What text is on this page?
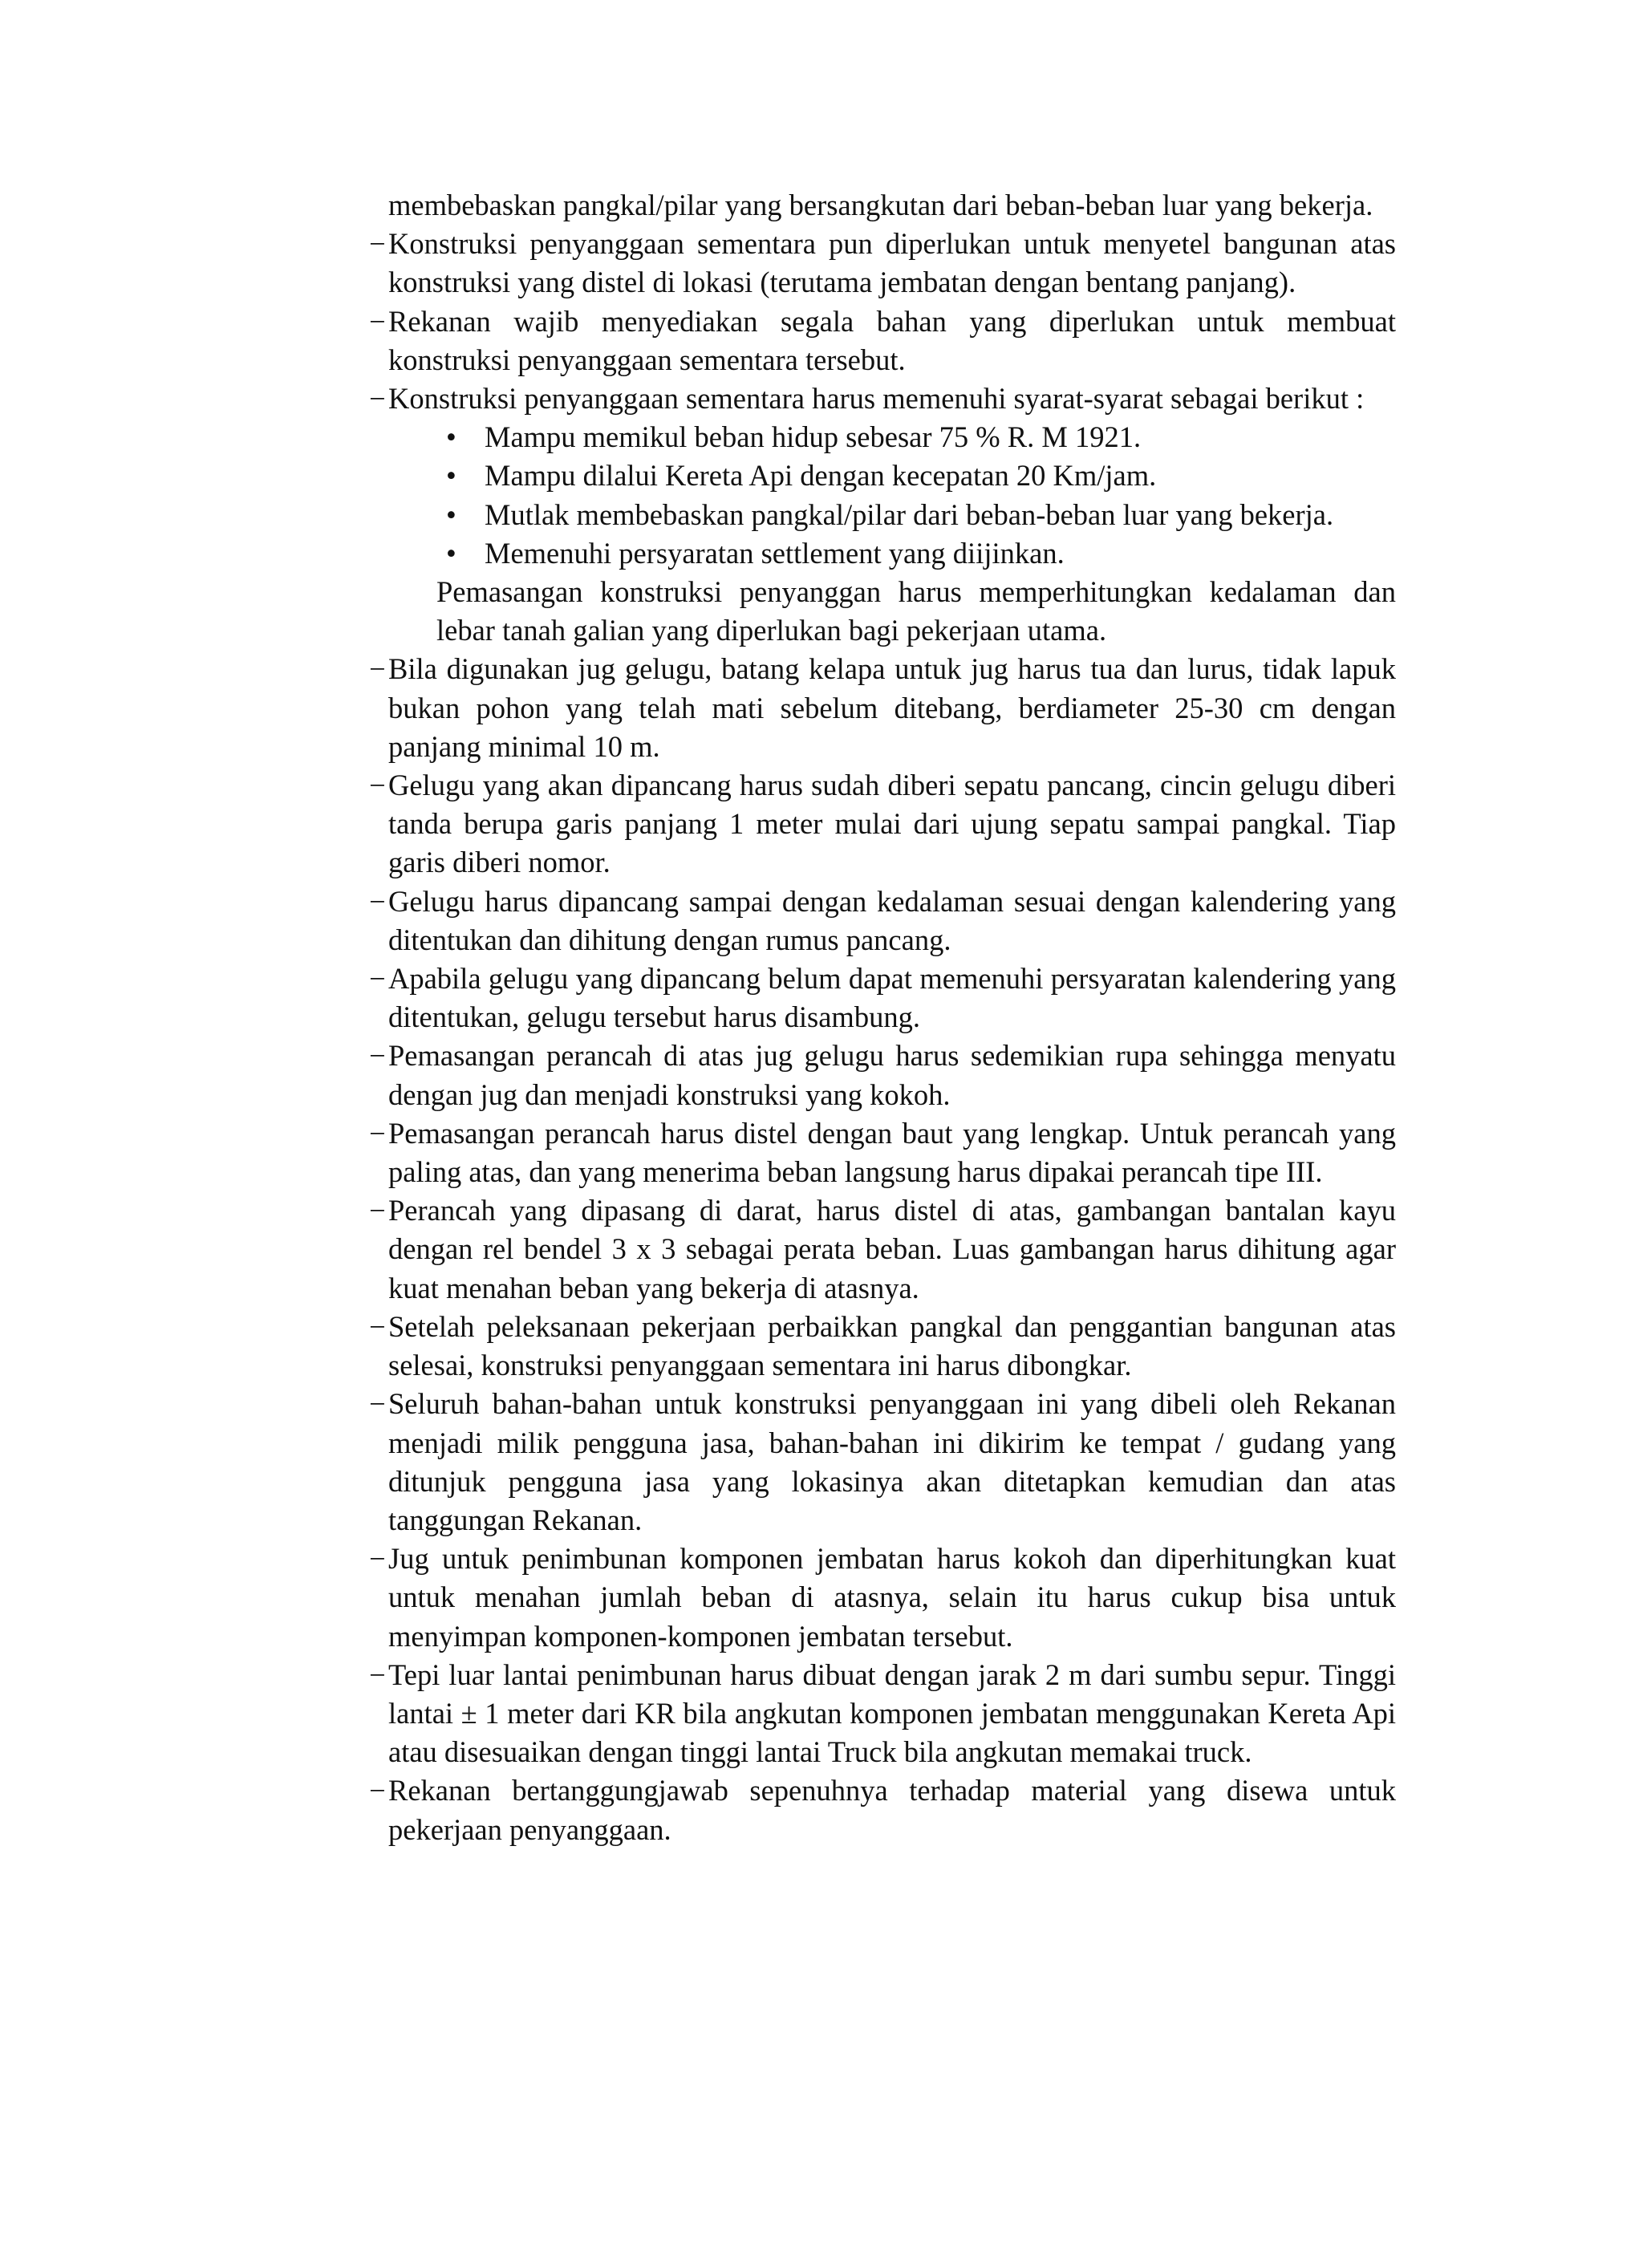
membebaskan pangkal/pilar yang bersangkutan dari beban-beban luar yang bekerja.

− Konstruksi penyanggaan sementara pun diperlukan untuk menyetel bangunan atas konstruksi yang distel di lokasi (terutama jembatan dengan bentang panjang).

− Rekanan wajib menyediakan segala bahan yang diperlukan untuk membuat konstruksi penyanggaan sementara tersebut.

− Konstruksi penyanggaan sementara harus memenuhi syarat-syarat sebagai berikut :

• Mampu memikul beban hidup sebesar 75 % R. M 1921.

• Mampu dilalui Kereta Api dengan kecepatan 20 Km/jam.

• Mutlak membebaskan pangkal/pilar dari beban-beban luar yang bekerja.

• Memenuhi persyaratan settlement yang diijinkan.

Pemasangan konstruksi penyanggan harus memperhitungkan kedalaman dan lebar tanah galian yang diperlukan bagi pekerjaan utama.

− Bila digunakan jug gelugu, batang kelapa untuk jug harus tua dan lurus, tidak lapuk bukan pohon yang telah mati sebelum ditebang, berdiameter 25-30 cm dengan panjang minimal 10 m.

− Gelugu yang akan dipancang harus sudah diberi sepatu pancang, cincin gelugu diberi tanda berupa garis panjang 1 meter mulai dari ujung sepatu sampai pangkal. Tiap garis diberi nomor.

− Gelugu harus dipancang sampai dengan kedalaman sesuai dengan kalendering yang ditentukan dan dihitung dengan rumus pancang.

− Apabila gelugu yang dipancang belum dapat memenuhi persyaratan kalendering yang ditentukan, gelugu tersebut harus disambung.

− Pemasangan perancah di atas jug gelugu harus sedemikian rupa sehingga menyatu dengan jug dan menjadi konstruksi yang kokoh.

− Pemasangan perancah harus distel dengan baut yang lengkap. Untuk perancah yang paling atas, dan yang menerima beban langsung harus dipakai perancah tipe III.

− Perancah yang dipasang di darat, harus distel di atas, gambangan bantalan kayu dengan rel bendel 3 x 3 sebagai perata beban. Luas gambangan harus dihitung agar kuat menahan beban yang bekerja di atasnya.

− Setelah peleksanaan pekerjaan perbaikkan pangkal dan penggantian bangunan atas selesai, konstruksi penyanggaan sementara ini harus dibongkar.

− Seluruh bahan-bahan untuk konstruksi penyanggaan ini yang dibeli oleh Rekanan menjadi milik pengguna jasa, bahan-bahan ini dikirim ke tempat / gudang yang ditunjuk pengguna jasa yang lokasinya akan ditetapkan kemudian dan atas tanggungan Rekanan.

− Jug untuk penimbunan komponen jembatan harus kokoh dan diperhitungkan kuat untuk menahan jumlah beban di atasnya, selain itu harus cukup bisa untuk menyimpan komponen-komponen jembatan tersebut.

− Tepi luar lantai penimbunan harus dibuat dengan jarak 2 m dari sumbu sepur. Tinggi lantai ± 1 meter dari KR bila angkutan komponen jembatan menggunakan Kereta Api atau disesuaikan dengan tinggi lantai Truck bila angkutan memakai truck.

− Rekanan bertanggungjawab sepenuhnya terhadap material yang disewa untuk pekerjaan penyanggaan.
